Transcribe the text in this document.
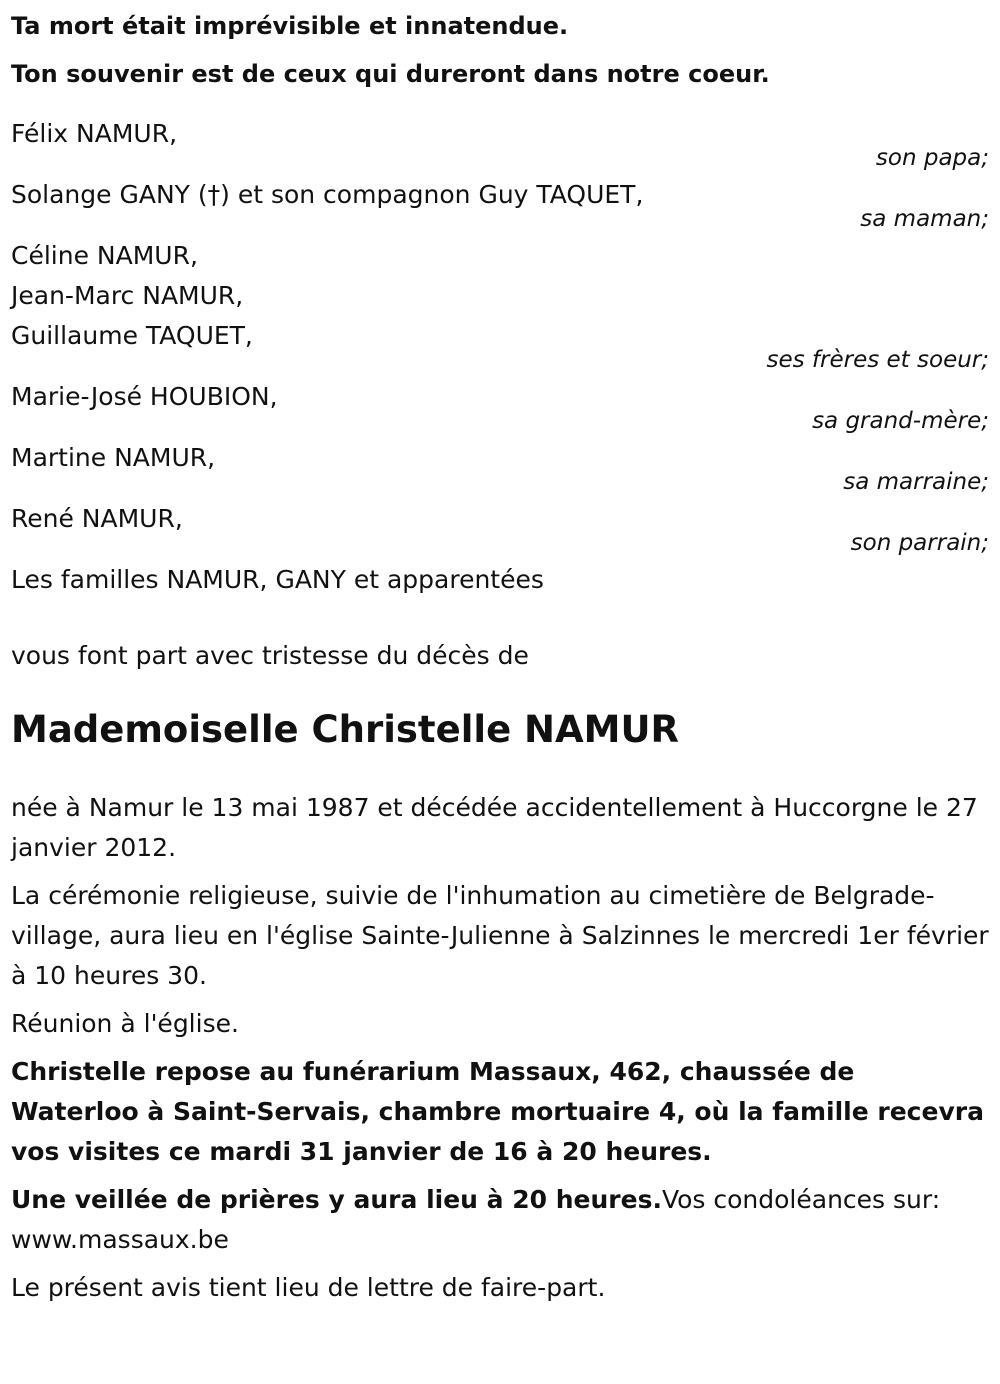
Ta mort était imprévisible et innatendue.
Ton souvenir est de ceux qui dureront dans notre coeur.
Félix NAMUR,
son papa;
Solange GANY (†) et son compagnon Guy TAQUET,
sa maman;
Céline NAMUR,
Jean-Marc NAMUR,
Guillaume TAQUET,
ses frères et soeur;
Marie-José HOUBION,
sa grand-mère;
Martine NAMUR,
sa marraine;
René NAMUR,
son parrain;
Les familles NAMUR, GANY et apparentées
vous font part avec tristesse du décès de
Mademoiselle Christelle NAMUR
née à Namur le 13 mai 1987 et décédée accidentellement à Huccorgne le 27 janvier 2012.
La cérémonie religieuse, suivie de l'inhumation au cimetière de Belgrade-village, aura lieu en l'église Sainte-Julienne à Salzinnes le mercredi 1er février à 10 heures 30.
Réunion à l'église.
Christelle repose au funérarium Massaux, 462, chaussée de Waterloo à Saint-Servais, chambre mortuaire 4, où la famille recevra vos visites ce mardi 31 janvier de 16 à 20 heures.
Une veillée de prières y aura lieu à 20 heures.Vos condoléances sur: www.massaux.be
Le présent avis tient lieu de lettre de faire-part.
